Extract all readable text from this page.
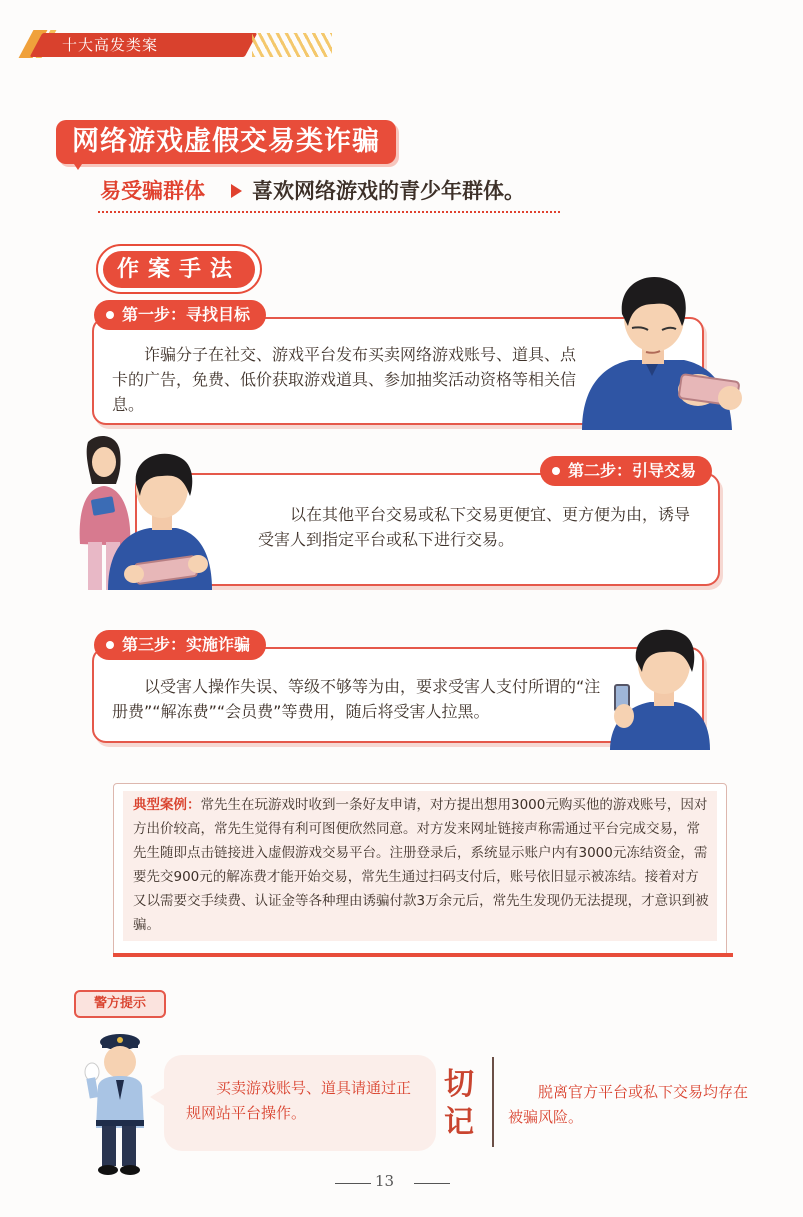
十大高发类案
网络游戏虚假交易类诈骗
易受骗群体 喜欢网络游戏的青少年群体。
作案手法
第一步：寻找目标
诈骗分子在社交、游戏平台发布买卖网络游戏账号、道具、点卡的广告，免费、低价获取游戏道具、参加抽奖活动资格等相关信息。
第二步：引导交易
以在其他平台交易或私下交易更便宜、更方便为由，诱导受害人到指定平台或私下进行交易。
第三步：实施诈骗
以受害人操作失误、等级不够等为由，要求受害人支付所谓的“注册费”“解冻费”“会员费”等费用，随后将受害人拉黑。
典型案例：常先生在玩游戏时收到一条好友申请，对方提出想用3000元购买他的游戏账号，因对方出价较高，常先生觉得有利可图便欣然同意。对方发来网址链接声称需通过平台完成交易，常先生随即点击链接进入虚假游戏交易平台。注册登录后，系统显示账户内有3000元冻结资金，需要先交900元的解冻费才能开始交易，常先生通过扫码支付后，账号依旧显示被冻结。接着对方又以需要交手续费、认证金等各种理由诱骗付款3万余元后，常先生发现仍无法提现，才意识到被骗。
警方提示
买卖游戏账号、道具请通过正规网站平台操作。
切记
脱离官方平台或私下交易均存在被骗风险。
13
